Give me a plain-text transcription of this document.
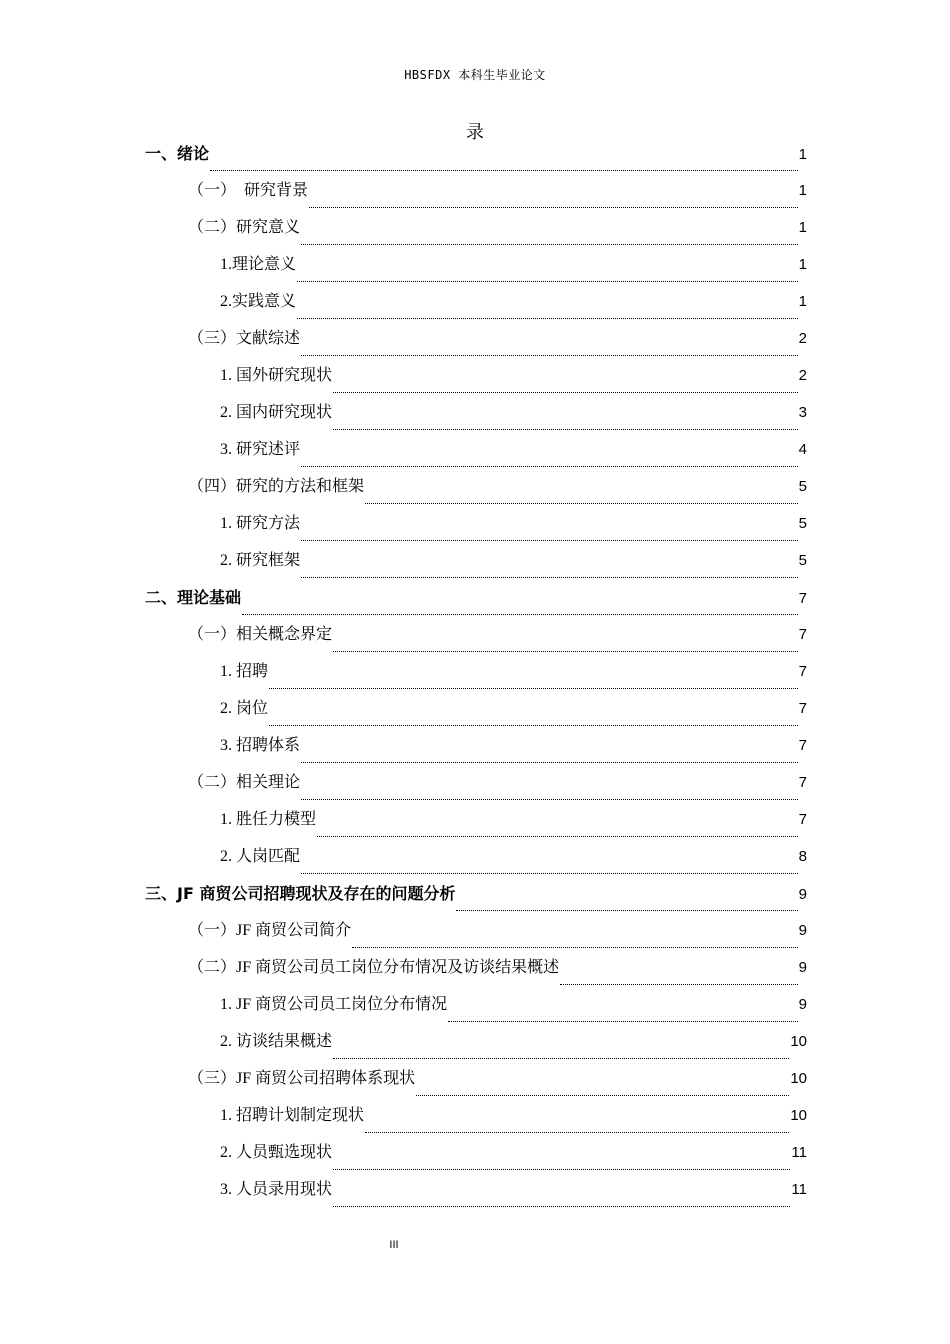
HBSFDX 本科生毕业论文
录
一、绪论	1
（一）  研究背景	1
（二）研究意义	1
1.理论意义	1
2.实践意义	1
（三）文献综述	2
1. 国外研究现状	2
2. 国内研究现状	3
3. 研究述评	4
（四）研究的方法和框架	5
1. 研究方法	5
2. 研究框架	5
二、理论基础	7
（一）相关概念界定	7
1. 招聘	7
2. 岗位	7
3. 招聘体系	7
（二）相关理论	7
1. 胜任力模型	7
2. 人岗匹配	8
三、JF 商贸公司招聘现状及存在的问题分析	9
（一）JF 商贸公司简介	9
（二）JF 商贸公司员工岗位分布情况及访谈结果概述	9
1. JF 商贸公司员工岗位分布情况	9
2. 访谈结果概述	10
（三）JF 商贸公司招聘体系现状	10
1. 招聘计划制定现状	10
2. 人员甄选现状	11
3. 人员录用现状	11
III
